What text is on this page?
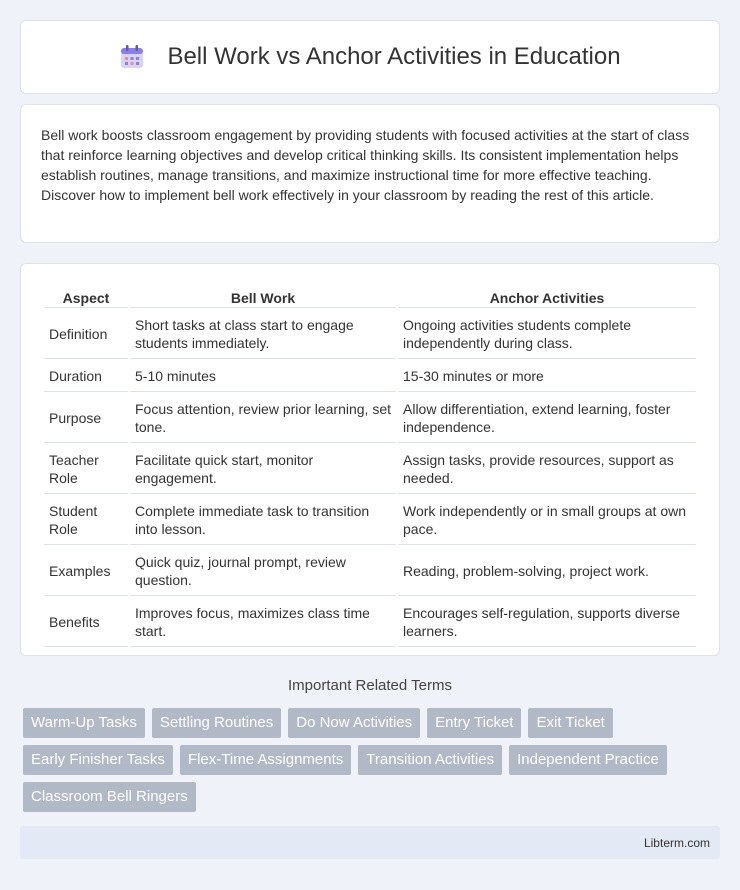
Bell Work vs Anchor Activities in Education

Bell work boosts classroom engagement by providing students with focused activities at the start of class that reinforce learning objectives and develop critical thinking skills. Its consistent implementation helps establish routines, manage transitions, and maximize instructional time for more effective teaching. Discover how to implement bell work effectively in your classroom by reading the rest of this article.

Aspect	Bell Work	Anchor Activities
Definition	Short tasks at class start to engage students immediately.	Ongoing activities students complete independently during class.
Duration	5-10 minutes	15-30 minutes or more
Purpose	Focus attention, review prior learning, set tone.	Allow differentiation, extend learning, foster independence.
Teacher Role	Facilitate quick start, monitor engagement.	Assign tasks, provide resources, support as needed.
Student Role	Complete immediate task to transition into lesson.	Work independently or in small groups at own pace.
Examples	Quick quiz, journal prompt, review question.	Reading, problem-solving, project work.
Benefits	Improves focus, maximizes class time start.	Encourages self-regulation, supports diverse learners.
Important Related Terms
Warm-Up Tasks	Settling Routines	Do Now Activities	Entry Ticket	Exit Ticket
Early Finisher Tasks	Flex-Time Assignments	Transition Activities	Independent Practice
Classroom Bell Ringers
Libterm.com
